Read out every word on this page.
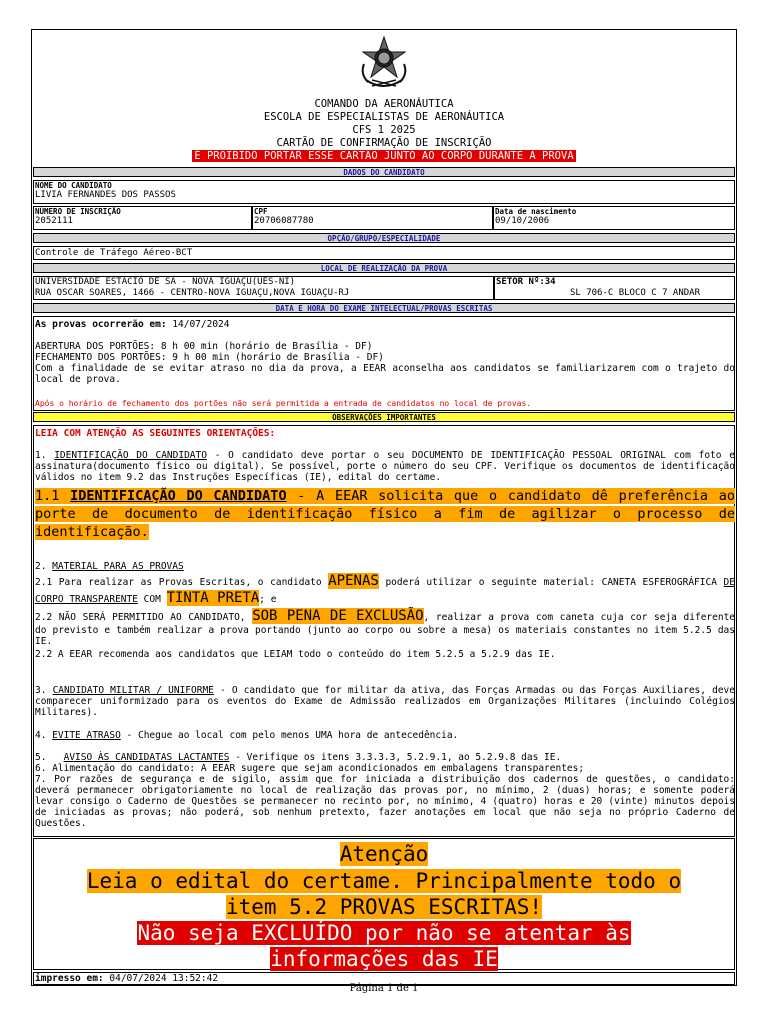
COMANDO DA AERONÁUTICA
ESCOLA DE ESPECIALISTAS DE AERONÁUTICA
CFS 1 2025
CARTÃO DE CONFIRMAÇÃO DE INSCRIÇÃO
É PROIBIDO PORTAR ESSE CARTÃO JUNTO AO CORPO DURANTE A PROVA
DADOS DO CANDIDATO
NOME DO CANDIDATO
LIVIA FERNANDES DOS PASSOS
NÚMERO DE INSCRIÇÃO
2052111
CPF
20706087780
Data de nascimento
09/10/2006
OPÇÃO/GRUPO/ESPECIALIDADE
Controle de Tráfego Aéreo-BCT
LOCAL DE REALIZAÇÃO DA PROVA
UNIVERSIDADE ESTACIO DE SÁ - NOVA IGUAÇU(UES-NI)
RUA OSCAR SOARES, 1466 - CENTRO-NOVA IGUAÇU,NOVA IGUAÇU-RJ
SETOR Nº:34
SL 706-C BLOCO C 7 ANDAR
DATA E HORA DO EXAME INTELECTUAL/PROVAS ESCRITAS
As provas ocorrerão em: 14/07/2024
ABERTURA DOS PORTÕES: 8 h 00 min (horário de Brasília - DF)
FECHAMENTO DOS PORTÕES: 9 h 00 min (horário de Brasília - DF)
Com a finalidade de se evitar atraso no dia da prova, a EEAR aconselha aos candidatos se familiarizarem com o trajeto do local de prova.
Após o horário de fechamento dos portões não será permitida a entrada de candidatos no local de provas.
OBSERVAÇÕES IMPORTANTES
LEIA COM ATENÇÃO AS SEGUINTES ORIENTAÇÕES:
1. IDENTIFICAÇÃO DO CANDIDATO - O candidato deve portar o seu DOCUMENTO DE IDENTIFICAÇÃO PESSOAL ORIGINAL com foto e assinatura(documento físico ou digital). Se possível, porte o número do seu CPF. Verifique os documentos de identificação válidos no item 9.2 das Instruções Específicas (IE), edital do certame.
1.1 IDENTIFICAÇÃO DO CANDIDATO - A EEAR solicita que o candidato dê preferência ao porte de documento de identificação físico a fim de agilizar o processo de identificação.
2. MATERIAL PARA AS PROVAS
2.1 Para realizar as Provas Escritas, o candidato APENAS poderá utilizar o seguinte material: CANETA ESFEROGRÁFICA DE CORPO TRANSPARENTE COM TINTA PRETA; e
2.2 NÃO SERÁ PERMITIDO AO CANDIDATO, SOB PENA DE EXCLUSÃO, realizar a prova com caneta cuja cor seja diferente do previsto e também realizar a prova portando (junto ao corpo ou sobre a mesa) os materiais constantes no item 5.2.5 das IE.
2.2 A EEAR recomenda aos candidatos que LEIAM todo o conteúdo do item 5.2.5 a 5.2.9 das IE.
3. CANDIDATO MILITAR / UNIFORME - O candidato que for militar da ativa, das Forças Armadas ou das Forças Auxiliares, deve comparecer uniformizado para os eventos do Exame de Admissão realizados em Organizações Militares (incluindo Colégios Militares).
4. EVITE ATRASO - Chegue ao local com pelo menos UMA hora de antecedência.
5.   AVISO ÀS CANDIDATAS LACTANTES - Verifique os itens 3.3.3.3, 5.2.9.1, ao 5.2.9.8 das IE.
6. Alimentação do candidato: A EEAR sugere que sejam acondicionados em embalagens transparentes;
7. Por razões de segurança e de sigilo, assim que for iniciada a distribuição dos cadernos de questões, o candidato: deverá permanecer obrigatoriamente no local de realização das provas por, no mínimo, 2 (duas) horas; e somente poderá levar consigo o Caderno de Questões se permanecer no recinto por, no mínimo, 4 (quatro) horas e 20 (vinte) minutos depois de iniciadas as provas; não poderá, sob nenhum pretexto, fazer anotações em local que não seja no próprio Caderno de Questões.
Atenção
Leia o edital do certame. Principalmente todo o
item 5.2 PROVAS ESCRITAS!
Não seja EXCLUÍDO por não se atentar às
informações das IE
impresso em: 04/07/2024 13:52:42
Página 1 de 1
